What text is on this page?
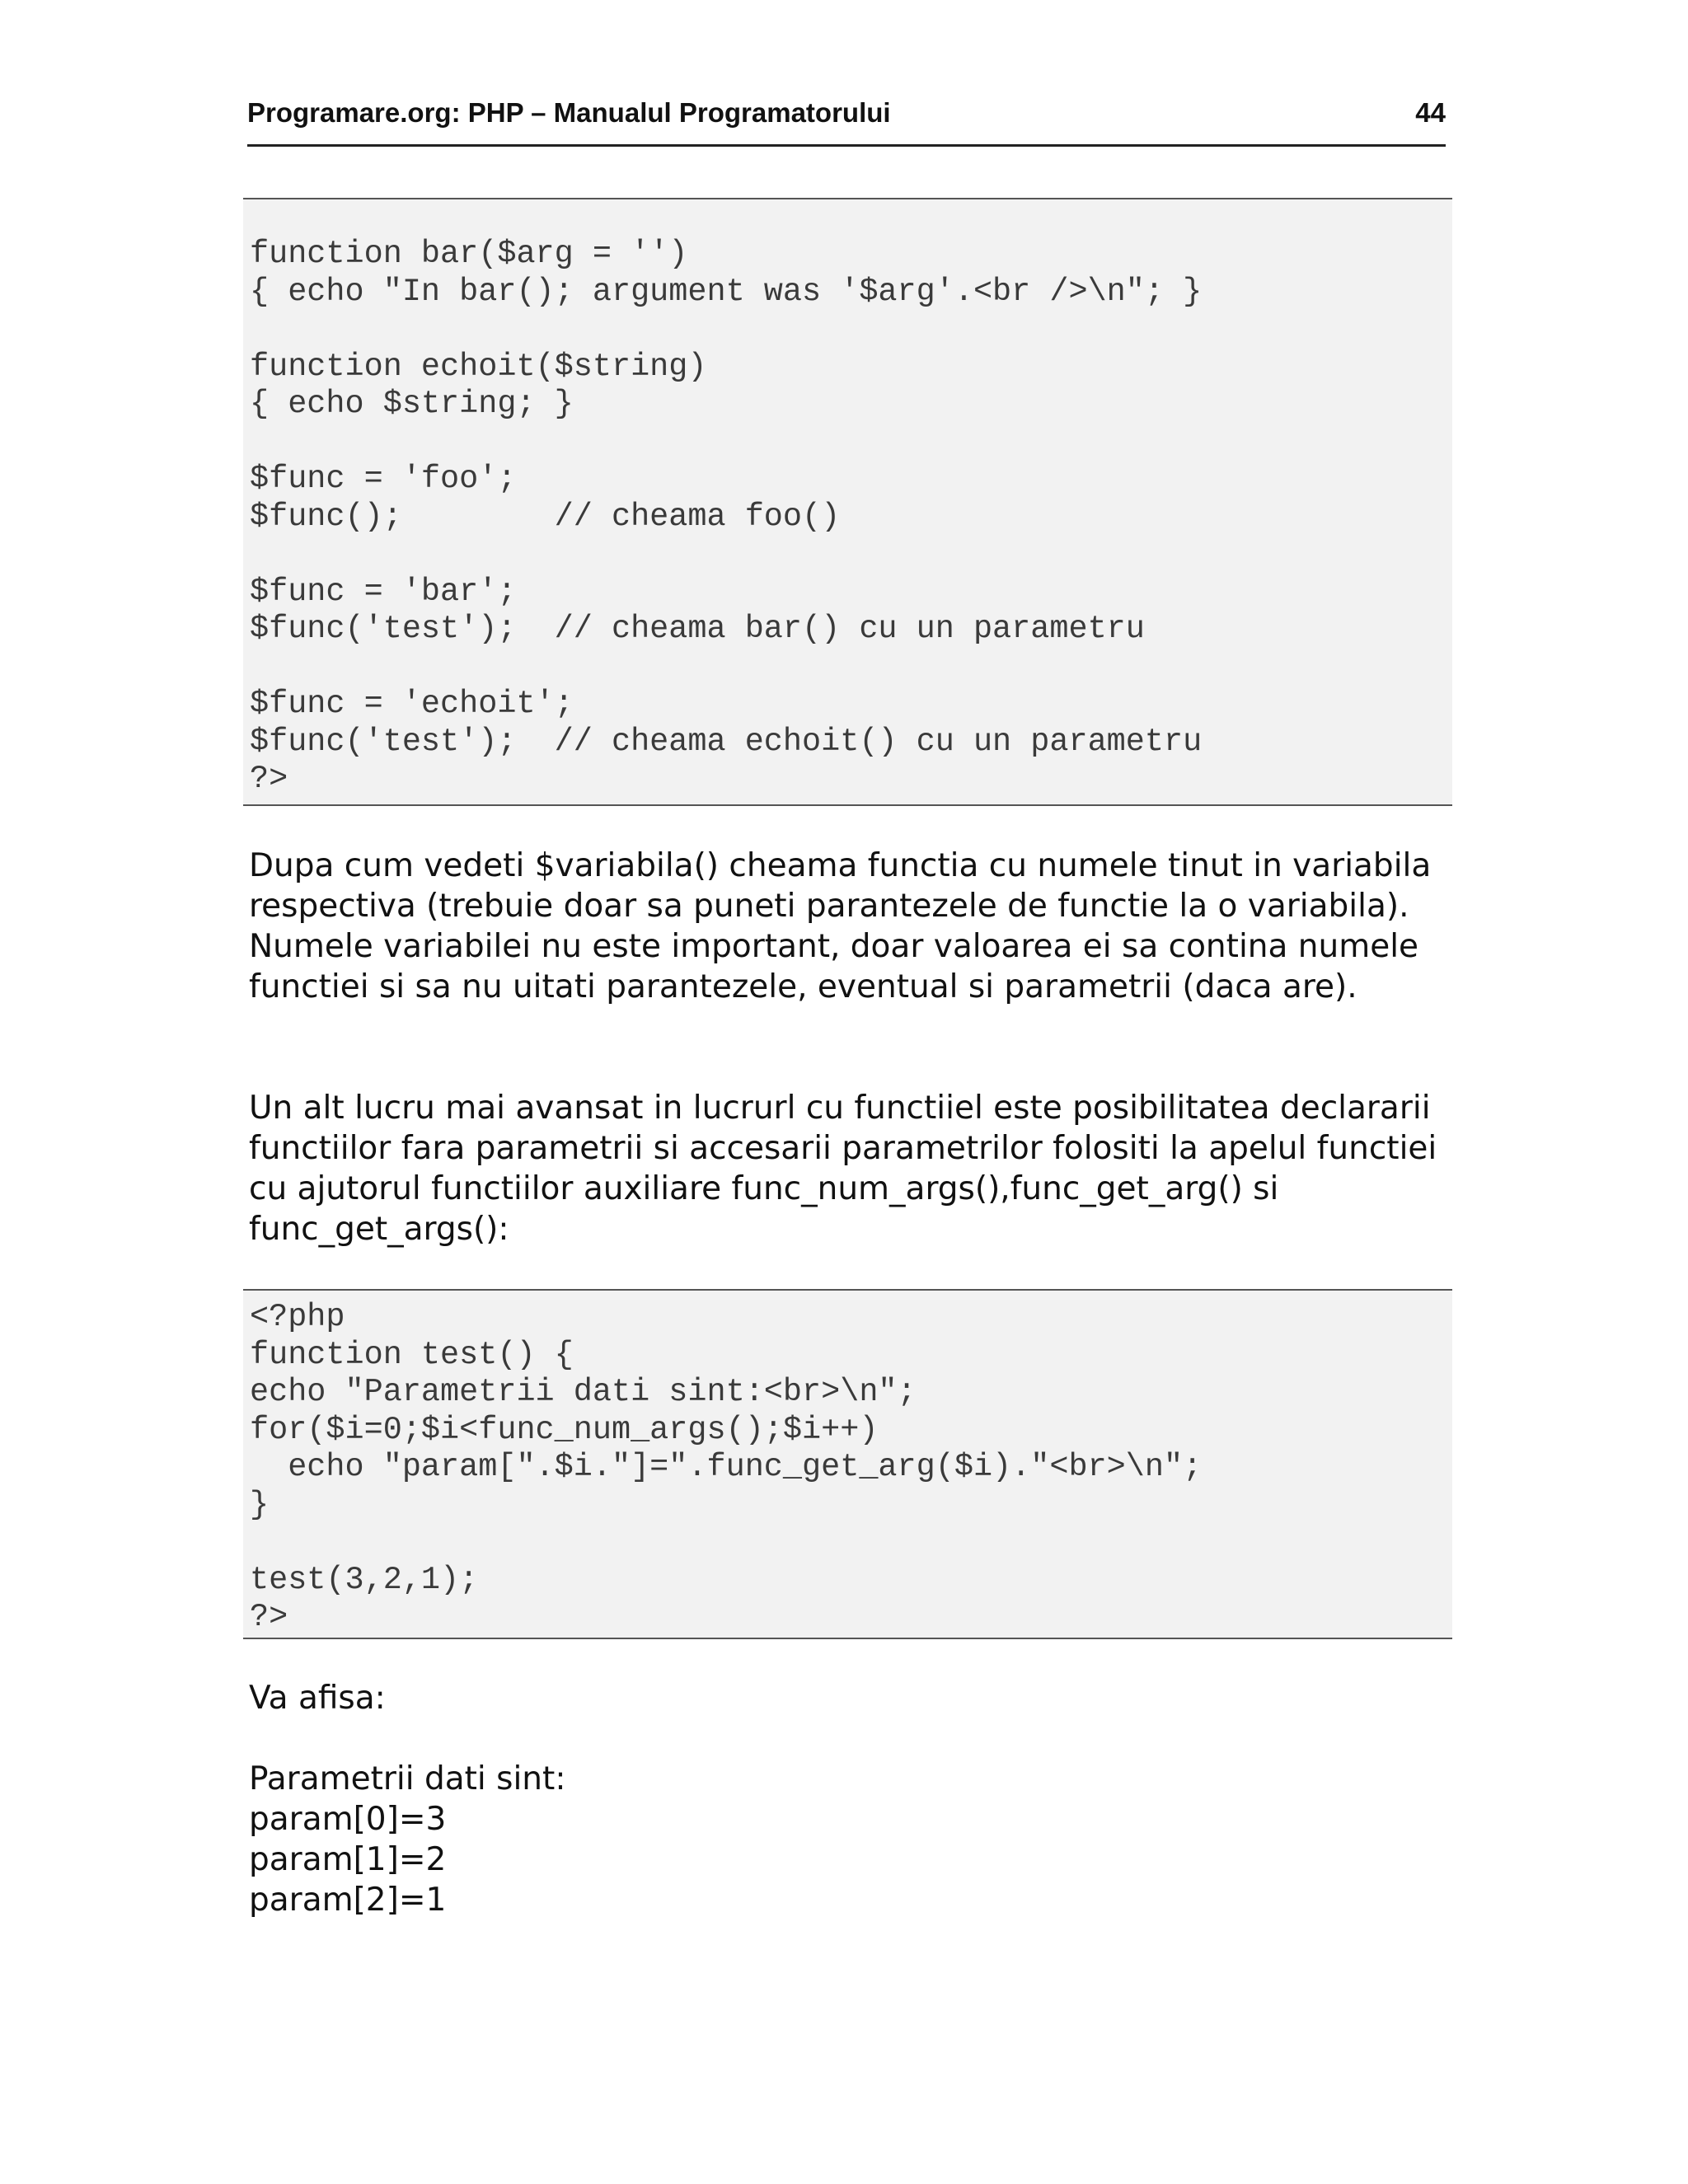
Programare.org: PHP – Manualul Programatorului	44
function bar($arg = '')
{ echo "In bar(); argument was '$arg'.<br />\n"; }

function echoit($string)
{ echo $string; }

$func = 'foo';
$func();        // cheama foo()

$func = 'bar';
$func('test');  // cheama bar() cu un parametru

$func = 'echoit';
$func('test');  // cheama echoit() cu un parametru
?>

Dupa cum vedeti $variabila() cheama functia cu numele tinut in variabila respectiva (trebuie doar sa puneti parantezele de functie la o variabila). Numele variabilei nu este important, doar valoarea ei sa contina numele functiei si sa nu uitati parantezele, eventual si parametrii (daca are).

Un alt lucru mai avansat in lucrurl cu functiiel este posibilitatea declararii functiilor fara parametrii si accesarii parametrilor folositi la apelul functiei cu ajutorul functiilor auxiliare func_num_args(),func_get_arg() si func_get_args():

<?php
function test() {
echo "Parametrii dati sint:<br>\n";
for($i=0;$i<func_num_args();$i++)
echo "param[".$i."]=".func_get_arg($i)."<br>\n";
}

test(3,2,1);
?>

Va afisa:

Parametrii dati sint:
param[0]=3
param[1]=2
param[2]=1
